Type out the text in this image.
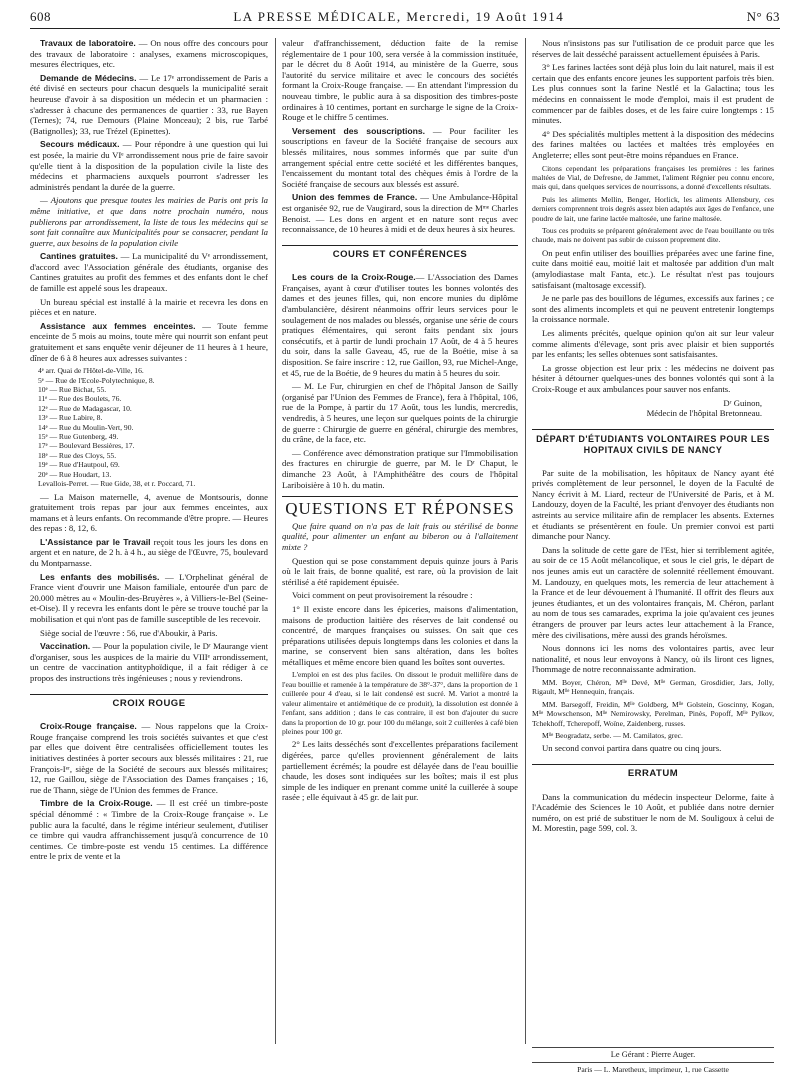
608	LA PRESSE MÉDICALE, Mercredi, 19 Août 1914	N° 63

Travaux de laboratoire. — On nous offre des concours pour des travaux de laboratoire : analyses, examens microscopiques, mesures électriques, etc.

Demande de Médecins. — Le 17ᵉ arrondissement de Paris a été divisé en secteurs pour chacun desquels la municipalité serait heureuse d'avoir à sa disposition un médecin et un pharmacien : s'adresser à chacune des permanences de quartier : 33, rue Bayen (Ternes); 74, rue Demours (Plaine Monceau); 2 bis, rue Tarbé (Batignolles); 33, rue Trézel (Epinettes).

Secours médicaux. — Pour répondre à une question qui lui est posée, la mairie du VIᵉ arrondissement nous prie de faire savoir qu'elle tient à la disposition de la population civile la liste des médecins et pharmaciens auxquels pourront s'adresser les administrés pendant la durée de la guerre.

— Ajoutons que presque toutes les mairies de Paris ont pris la même initiative, et que dans notre prochain numéro, nous publierons par arrondissement, la liste de tous les médecins qui se sont fait connaître aux Municipalités pour se consacrer, pendant la guerre, aux besoins de la population civile

Cantines gratuites. — La municipalité du Vᵉ arrondissement, d'accord avec l'Association générale des étudiants, organise des Cantines gratuites au profit des femmes et des enfants dont le chef de famille est appelé sous les drapeaux.

Un bureau spécial est installé à la mairie et recevra les dons en pièces et en nature.

Assistance aux femmes enceintes. — Toute femme enceinte de 5 mois au moins, toute mère qui nourrit son enfant peut gratuitement et sans enquête venir déjeuner de 11 heures à 1 heure, dîner de 6 à 8 heures aux adresses suivantes :

4ᵉ arr. Quai de l'Hôtel-de-Ville, 16.
5ᵉ — Rue de l'Ecole-Polytechnique, 8.
10ᵉ — Rue Bichat, 55.
11ᵉ — Rue des Boulets, 76.
12ᵉ — Rue de Madagascar, 10.
13ᵉ — Rue Labire, 8.
14ᵉ — Rue du Moulin-Vert, 90.
15ᵉ — Rue Gutenberg, 49.
17ᵉ — Boulevard Bessières, 17.
18ᵉ — Rue des Cloys, 55.
19ᵉ — Rue d'Hautpoul, 69.
20ᵉ — Rue Houdart, 13.
Levallois-Perret. — Rue Gide, 38, et r. Poccard, 71.

— La Maison maternelle, 4, avenue de Montsouris, donne gratuitement trois repas par jour aux femmes enceintes, aux mamans et à leurs enfants. On recommande d'être propre. — Heures des repas : 8, 12, 6.

L'Assistance par le Travail reçoit tous les jours les dons en argent et en nature, de 2 h. à 4 h., au siège de l'Œuvre, 75, boulevard du Montparnasse.

Les enfants des mobilisés. — L'Orphelinat général de France vient d'ouvrir une Maison familiale, entourée d'un parc de 20.000 mètres au « Moulin-des-Bruyères », à Villiers-le-Bel (Seine-et-Oise). Il y recevra les enfants dont le père se trouve touché par la mobilisation et qui n'ont pas de famille susceptible de les recevoir.

Siège social de l'œuvre : 56, rue d'Aboukir, à Paris.

Vaccination. — Pour la population civile, le Dʳ Maurange vient d'organiser, sous les auspices de la mairie du VIIIᵉ arrondissement, un centre de vaccination antityphoïdique, il a fait rédiger à ce propos des instructions très ingénieuses ; nous y reviendrons.

CROIX ROUGE

Croix-Rouge française. — Nous rappelons que la Croix-Rouge française comprend les trois sociétés suivantes et que c'est par elles que doivent être centralisées officiellement toutes les initiatives destinées à porter secours aux blessés militaires : 21, rue François-Iᵉʳ, siège de la Société de secours aux blessés militaires; 12, rue Gaillou, siège de l'Association des Dames françaises ; 16, rue de Thann, siège de l'Union des femmes de France.

Timbre de la Croix-Rouge. — Il est créé un timbre-poste spécial dénommé : « Timbre de la Croix-Rouge française ». Le public aura la faculté, dans le régime intérieur seulement, d'utiliser ce timbre qui vaudra affranchissement jusqu'à concurrence de 10 centimes. Ce timbre-poste est vendu 15 centimes. La différence entre le prix de vente et la

valeur d'affranchissement, déduction faite de la remise réglementaire de 1 pour 100, sera versée à la commission instituée, par le décret du 8 Août 1914, au ministère de la Guerre, sous l'autorité du service militaire et avec le concours des sociétés formant la Croix-Rouge française. — En attendant l'impression du nouveau timbre, le public aura à sa disposition des timbres-poste ordinaires à 10 centimes, portant en surcharge le signe de la Croix-Rouge et le chiffre 5 centimes.

Versement des souscriptions. — Pour faciliter les souscriptions en faveur de la Société française de secours aux blessés militaires, nous sommes informés que par suite d'un arrangement spécial entre cette société et les différentes banques, l'encaissement du montant total des chèques émis à l'ordre de la Société française de secours aux blessés est assuré.

Union des femmes de France. — Une Ambulance-Hôpital est organisée 92, rue de Vaugirard, sous la direction de Mᵐᵉ Charles Benoist. — Les dons en argent et en nature sont reçus avec reconnaissance, de 10 heures à midi et de deux heures à six heures.

COURS ET CONFÉRENCES

Les cours de la Croix-Rouge.— L'Association des Dames Françaises, ayant à cœur d'utiliser toutes les bonnes volontés des dames et des jeunes filles, qui, non encore munies du diplôme d'ambulancière, désirent néanmoins offrir leurs services pour le soulagement de nos malades ou blessés, organise une série de cours pratiques élémentaires, qui seront faits pendant six jours consécutifs, et à partir de lundi prochain 17 Août, de 4 à 5 heures du soir, dans la salle Gaveau, 45, rue de la Boétie, mise à sa disposition. Se faire inscrire : 12, rue Gaillon, 93, rue Michel-Ange, et 45, rue de la Boétie, de 9 heures du matin à 5 heures du soir.

— M. Le Fur, chirurgien en chef de l'hôpital Janson de Sailly (organisé par l'Union des Femmes de France), fera à l'hôpital, 106, rue de la Pompe, à partir du 17 Août, tous les lundis, mercredis, vendredis, à 5 heures, une leçon sur quelques points de la chirurgie de guerre : Chirurgie de guerre en général, chirurgie des membres, du crâne, de la face, etc.

— Conférence avec démonstration pratique sur l'Immobilisation des fractures en chirurgie de guerre, par M. le Dʳ Chaput, le dimanche 23 Août, à l'Amphithéâtre des cours de l'hôpital Lariboisière à 10 h. du matin.

QUESTIONS ET RÉPONSES

Que faire quand on n'a pas de lait frais ou stérilisé de bonne qualité, pour alimenter un enfant au biberon ou à l'allaitement mixte ?

Question qui se pose constamment depuis quinze jours à Paris où le lait frais, de bonne qualité, est rare, où la provision de lait stérilisé a été rapidement épuisée.

Voici comment on peut provisoirement la résoudre :

1° Il existe encore dans les épiceries, maisons d'alimentation, maisons de production laitière des réserves de lait condensé ou concentré, de marques françaises ou suisses. On sait que ces préparations utilisées depuis longtemps dans les colonies et dans la marine, se conservent bien sans altération, dans les boîtes métalliques et même encore bien quand les boîtes sont ouvertes.

L'emploi en est des plus faciles. On dissout le produit mellifère dans de l'eau bouillie et ramenée à la température de 38°-37°, dans la proportion de 1 cuillerée pour 4 d'eau, si le lait condensé est sucré. M. Variot a montré la valeur alimentaire et antiémétique de ce produit), la dissolution est donnée à l'enfant, sans addition ; dans le cas contraire, il est bon d'ajouter du sucre dans la proportion de 10 gr. pour 100 du mélange, soit 2 cuillerées à café bien pleines pour 100 gr.

2° Les laits desséchés sont d'excellentes préparations facilement digérées, parce qu'elles proviennent généralement de laits partiellement écrémés; la poudre est délayée dans de l'eau bouillie chaude, les doses sont indiquées sur les boîtes; mais il est plus simple de les indiquer en prenant comme unité la cuillerée à soupe rasée ; elle équivaut à 45 gr. de lait pur.

Nous n'insistons pas sur l'utilisation de ce produit parce que les réserves de lait desséché paraissent actuellement épuisées à Paris.

3° Les farines lactées sont déjà plus loin du lait naturel, mais il est certain que des enfants encore jeunes les supportent parfois très bien. Les plus connues sont la farine Nestlé et la Galactina; tous les médecins en connaissent le mode d'emploi, mais il est prudent de commencer par de faibles doses, et de les faire cuire longtemps : 15 minutes.

4° Des spécialités multiples mettent à la disposition des médecins des farines maltées ou lactées et maltées très employées en Angleterre; elles sont peut-être moins répandues en France.

Citons cependant les préparations françaises les premières : les farines maltées de Vial, de Defresne, de Jammet, l'aliment Régnier peu connu encore, mais qui, dans quelques services de nourrissons, a donné d'excellents résultats.

Puis les aliments Mellin, Benger, Horlick, les aliments Allensbury, ces derniers comprennent trois degrés assez bien adaptés aux âges de l'enfance, une poudre de lait, une farine lactée maltosée, une farine maltosée.

Tous ces produits se préparent généralement avec de l'eau bouillante ou très chaude, mais ne doivent pas subir de cuisson proprement dite.

On peut enfin utiliser des bouillies préparées avec une farine fine, cuite dans moitié eau, moitié lait et maltosée par addition d'un malt (amylodiastase malt Fanta, etc.). Le résultat n'est pas toujours satisfaisant (maltosage excessif).

Je ne parle pas des bouillons de légumes, excessifs aux farines ; ce sont des aliments incomplets et qui ne peuvent entretenir longtemps la croissance normale.

Les aliments précités, quelque opinion qu'on ait sur leur valeur comme aliments d'élevage, sont pris avec plaisir et bien supportés par les enfants; les selles obtenues sont satisfaisantes.

La grosse objection est leur prix : les médecins ne doivent pas hésiter à détourner quelques-unes des bonnes volontés qui sont à la Croix-Rouge et aux ambulances pour sauver nos enfants.

Dʳ Guinon,
Médecin de l'hôpital Bretonneau.
DÉPART D'ÉTUDIANTS VOLONTAIRES POUR LES HOPITAUX CIVILS DE NANCY

Par suite de la mobilisation, les hôpitaux de Nancy ayant été privés complètement de leur personnel, le doyen de la Faculté de Nancy écrivit à M. Liard, recteur de l'Université de Paris, et à M. Landouzy, doyen de la Faculté, les priant d'envoyer des étudiants non astreints au service militaire afin de remplacer les absents. Externes et étudiants se présentèrent en foule. Un premier convoi est parti dimanche pour Nancy.

Dans la solitude de cette gare de l'Est, hier si terriblement agitée, au soir de ce 15 Août mélancolique, et sous le ciel gris, le départ de nos jeunes amis eut un caractère de solennité réellement émouvant. M. Landouzy, en quelques mots, les remercia de leur attachement à la France et de leur dévouement à l'humanité. Il offrit des fleurs aux jeunes étudiantes, et un des volontaires français, M. Chéron, parlant au nom de tous ses camarades, exprima la joie qu'avaient ces jeunes étrangers de prouver par leurs actes leur attachement à la France, mère des civilisations, mère aussi des grands héroïsmes.

Nous donnons ici les noms des volontaires partis, avec leur nationalité, et nous leur envoyons à Nancy, où ils liront ces lignes, l'hommage de notre reconnaissante admiration.

MM. Boyer, Chéron, Mˡˡᵉ Devé, Mˡˡᵉ German, Grosdidier, Jars, Jolly, Rigault, Mˡˡᵉ Hennequin, français.

MM. Barsegoff, Freidin, Mˡˡᵉ Goldberg, Mˡˡᵉ Golstein, Goscinny, Kogan, Mˡˡᵉ Mowschenson, Mˡˡᵉ Nemirowsky, Perelman, Pinès, Popoff, Mˡˡᵉ Pylkov, Tchekhoff, Tcherepoff, Woïne, Zaidenberg, russes.

Mˡˡᵉ Beogradatz, serbe. — M. Camilatos, grec.

Un second convoi partira dans quatre ou cinq jours.

ERRATUM

Dans la communication du médecin inspecteur Delorme, faite à l'Académie des Sciences le 10 Août, et publiée dans notre dernier numéro, on est prié de substituer le nom de M. Souligoux à celui de M. Morestin, page 599, col. 3.

Le Gérant : Pierre Auger.
Paris — L. Maretheux, imprimeur, 1, rue Cassette
